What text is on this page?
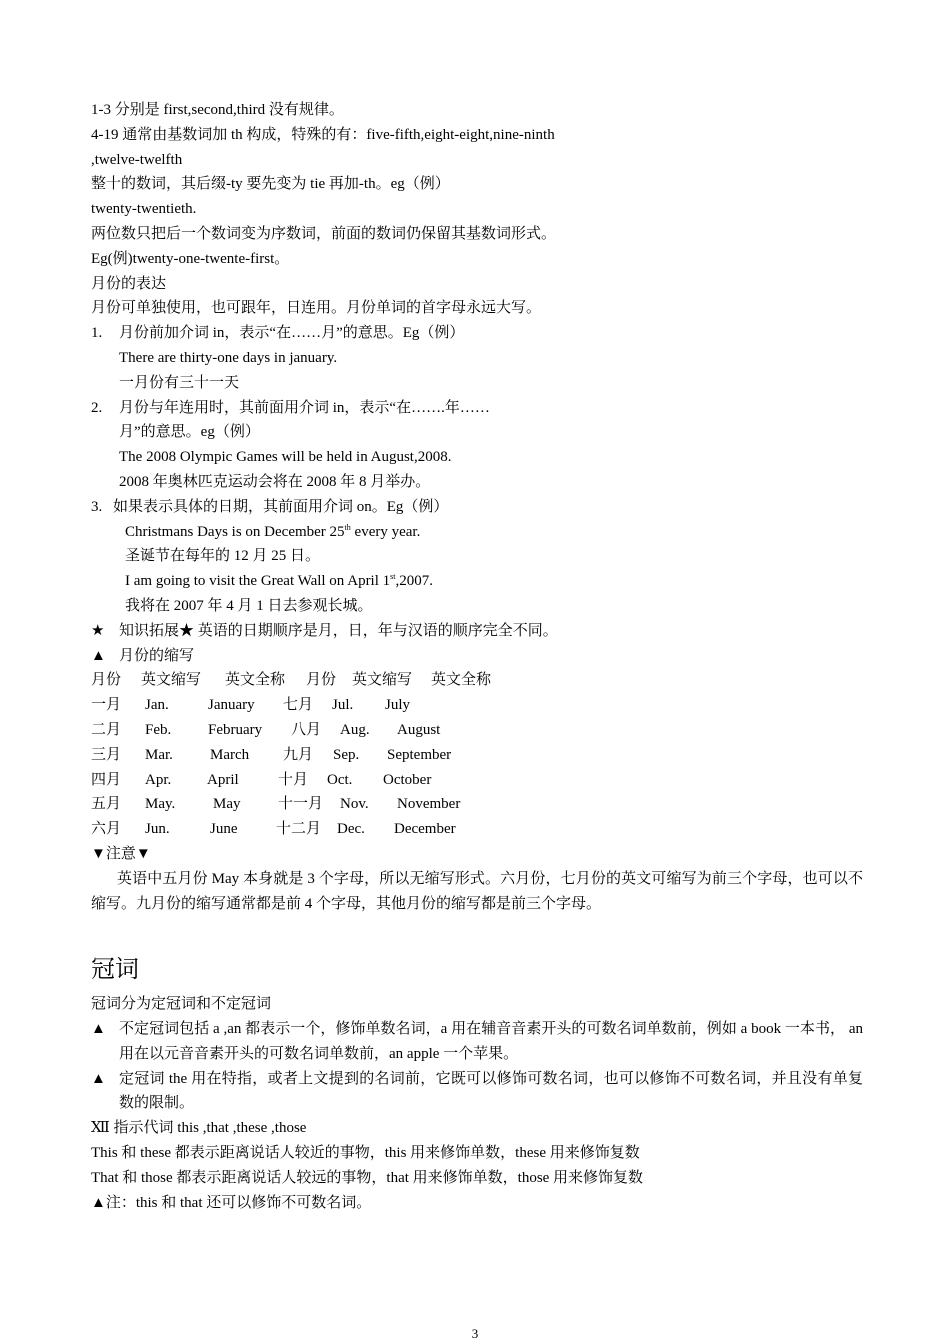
1-3 分别是 first,second,third 没有规律。
4-19 通常由基数词加 th 构成，特殊的有：five-fifth,eight-eight,nine-ninth
,twelve-twelfth
整十的数词，其后缀-ty 要先变为 tie 再加-th。eg（例）
twenty-twentieth.
两位数只把后一个数词变为序数词，前面的数词仍保留其基数词形式。
Eg(例)twenty-one-twente-first。
月份的表达
月份可单独使用，也可跟年，日连用。月份单词的首字母永远大写。
1. 月份前加介词 in，表示“在……月”的意思。Eg（例）
There are thirty-one days in january.
一月份有三十一天
2. 月份与年连用时，其前面用介词 in，表示“在…….年……
月”的意思。eg（例）
The 2008 Olympic Games will be held in August,2008.
2008 年奥林匹克运动会将在 2008 年 8 月举办。
3. 如果表示具体的日期，其前面用介词 on。Eg（例）
Christmans Days is on December 25th every year.
圣诞节在每年的 12 月 25 日。
I am going to visit the Great Wall on April 1st,2007.
我将在 2007 年 4 月 1 日去参观长城。
★ 知识拓展★ 英语的日期顺序是月，日，年与汉语的顺序完全不同。
▲ 月份的缩写
月份 英文缩写 英文全称 月份 英文缩写 英文全称
一月 Jan.	January 七月 Jul. July
二月 Feb. February 八月 Aug. August
三月 Mar. March 九月 Sep. September
四月 Apr. April	十月 Oct. October
五月 May.	May	十一月 Nov. November
六月 Jun.	June	十二月 Dec. December
▼注意▼
英语中五月份 May 本身就是 3 个字母，所以无缩写形式。六月份，七月份的英文可缩写为前三个字母，也可以不缩写。九月份的缩写通常都是前 4 个字母，其他月份的缩写都是前三个字母。
冠词
冠词分为定冠词和不定冠词
▲ 不定冠词包括 a ,an 都表示一个，修饰单数名词，a 用在辅音音素开头的可数名词单数前，例如 a book 一本书， an 用在以元音音素开头的可数名词单数前，an apple 一个苹果。
▲ 定冠词 the 用在特指，或者上文提到的名词前，它既可以修饰可数名词，也可以修饰不可数名词，并且没有单复数的限制。
Ⅻ 指示代词 this ,that ,these ,those
This 和 these 都表示距离说话人较近的事物，this 用来修饰单数，these 用来修饰复数
That 和 those 都表示距离说话人较远的事物，that 用来修饰单数，those 用来修饰复数
▲注：this 和 that 还可以修饰不可数名词。
3
